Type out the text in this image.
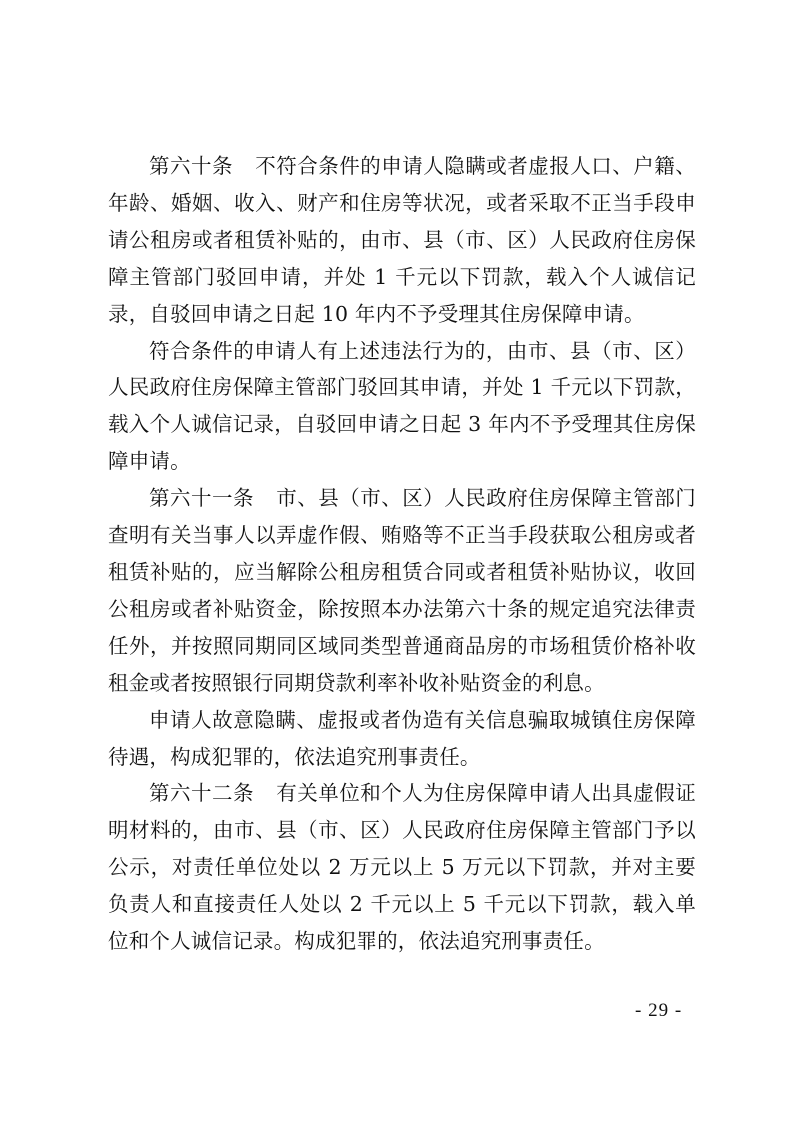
第六十条 不符合条件的申请人隐瞒或者虚报人口、户籍、年龄、婚姻、收入、财产和住房等状况，或者采取不正当手段申请公租房或者租赁补贴的，由市、县（市、区）人民政府住房保障主管部门驳回申请，并处 1 千元以下罚款，载入个人诚信记录，自驳回申请之日起 10 年内不予受理其住房保障申请。

符合条件的申请人有上述违法行为的，由市、县（市、区）人民政府住房保障主管部门驳回其申请，并处 1 千元以下罚款，载入个人诚信记录，自驳回申请之日起 3 年内不予受理其住房保障申请。

第六十一条 市、县（市、区）人民政府住房保障主管部门查明有关当事人以弄虚作假、贿赂等不正当手段获取公租房或者租赁补贴的，应当解除公租房租赁合同或者租赁补贴协议，收回公租房或者补贴资金，除按照本办法第六十条的规定追究法律责任外，并按照同期同区域同类型普通商品房的市场租赁价格补收租金或者按照银行同期贷款利率补收补贴资金的利息。

申请人故意隐瞒、虚报或者伪造有关信息骗取城镇住房保障待遇，构成犯罪的，依法追究刑事责任。

第六十二条 有关单位和个人为住房保障申请人出具虚假证明材料的，由市、县（市、区）人民政府住房保障主管部门予以公示，对责任单位处以 2 万元以上 5 万元以下罚款，并对主要负责人和直接责任人处以 2 千元以上 5 千元以下罚款，载入单位和个人诚信记录。构成犯罪的，依法追究刑事责任。

- 29 -
